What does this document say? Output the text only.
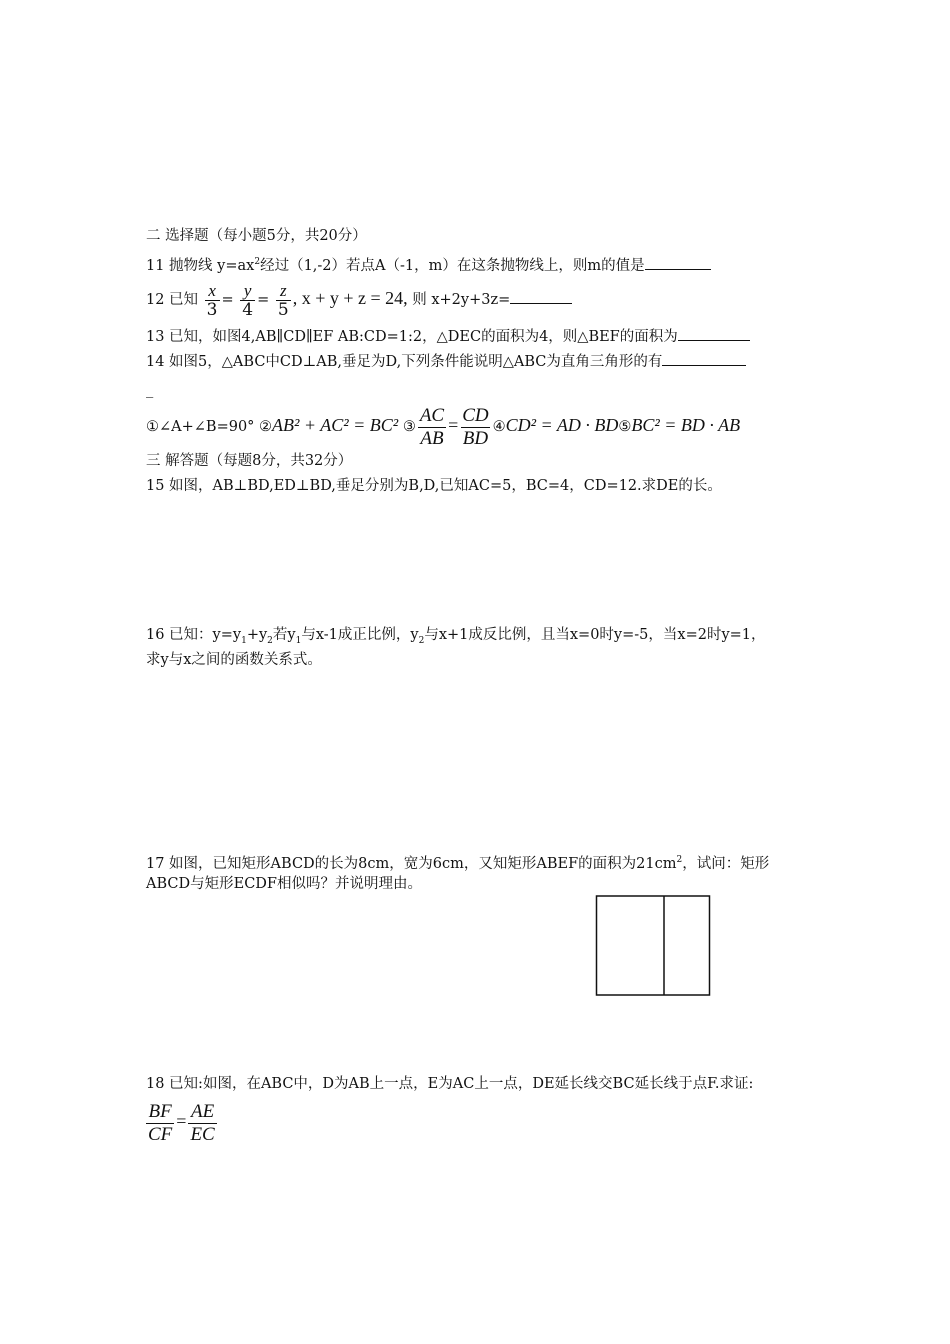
二 选择题（每小题5分，共20分）
11 抛物线 $y=ax^2$经过（1,-2）若点A（-1，m）在这条抛物线上，则m的值是
12 已知 $\frac{x}{3} = \frac{y}{4} = \frac{z}{5}$ , x + y + z = 24, 则 x+2y+3z=
13 已知，如图4,AB∥CD∥EF AB:CD=1:2，△DEC的面积为4，则△BEF的面积为
14 如图5，△ABC中CD⊥AB,垂足为D,下列条件能说明△ABC为直角三角形的有
_
①∠A+∠B=90° ②AB² + AC² = BC² ③ $\frac{AC}{AB} = \frac{CD}{BD}$ ④CD² = AD · BD⑤BC² = BD · AB
三 解答题（每题8分，共32分）
15 如图，AB⊥BD,ED⊥BD,垂足分别为B,D,已知AC=5，BC=4，CD=12.求DE的长。
16 已知：$y=y_1+y_2$若$y_1$与x-1成正比例，$y_2$与x+1成反比例，且当x=0时y=-5，当x=2时y=1，
求y与x之间的函数关系式。
17 如图，已知矩形ABCD的长为8cm，宽为6cm，又知矩形ABEF的面积为$21cm^2$，试问：矩形
ABCD与矩形ECDF相似吗？并说明理由。
18 已知:如图，在ABC中，D为AB上一点，E为AC上一点，DE延长线交BC延长线于点F.求证:
$\frac{BF}{CF} = \frac{AE}{EC}$
